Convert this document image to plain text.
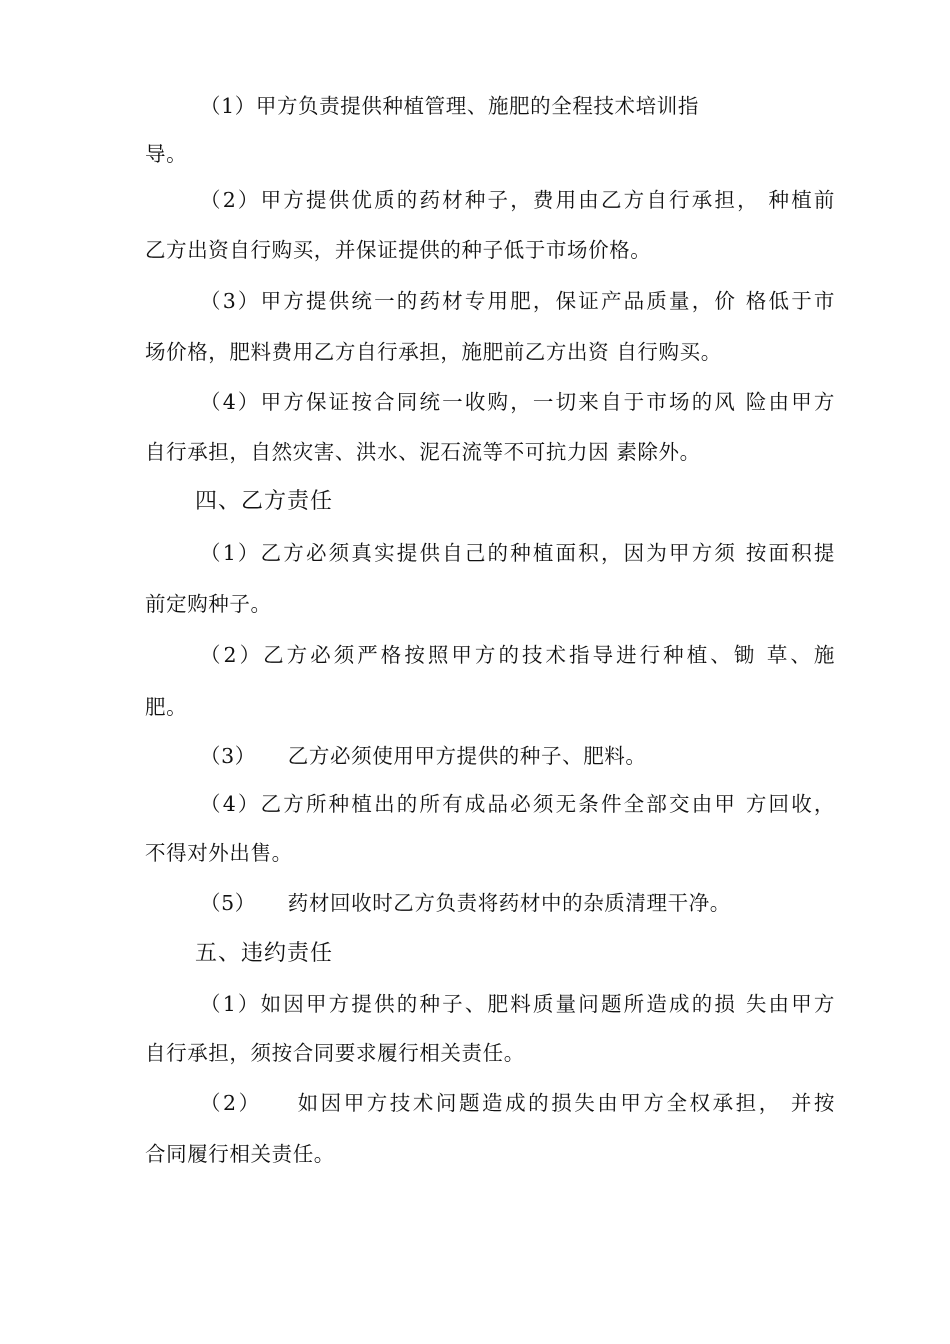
（1）甲方负责提供种植管理、施肥的全程技术培训指
导。
（2）甲方提供优质的药材种子，费用由乙方自行承担， 种植前
乙方出资自行购买，并保证提供的种子低于市场价格。
（3）甲方提供统一的药材专用肥，保证产品质量，价 格低于市
场价格，肥料费用乙方自行承担，施肥前乙方出资 自行购买。
（4）甲方保证按合同统一收购，一切来自于市场的风 险由甲方
自行承担，自然灾害、洪水、泥石流等不可抗力因 素除外。
四、乙方责任
（1）乙方必须真实提供自己的种植面积，因为甲方须 按面积提
前定购种子。
（2）乙方必须严格按照甲方的技术指导进行种植、锄 草、施
肥。
（3）　　乙方必须使用甲方提供的种子、肥料。
（4）乙方所种植出的所有成品必须无条件全部交由甲 方回收，
不得对外出售。
（5）　　药材回收时乙方负责将药材中的杂质清理干净。
五、违约责任
（1）如因甲方提供的种子、肥料质量问题所造成的损 失由甲方
自行承担，须按合同要求履行相关责任。
（2）　　如因甲方技术问题造成的损失由甲方全权承担， 并按
合同履行相关责任。
